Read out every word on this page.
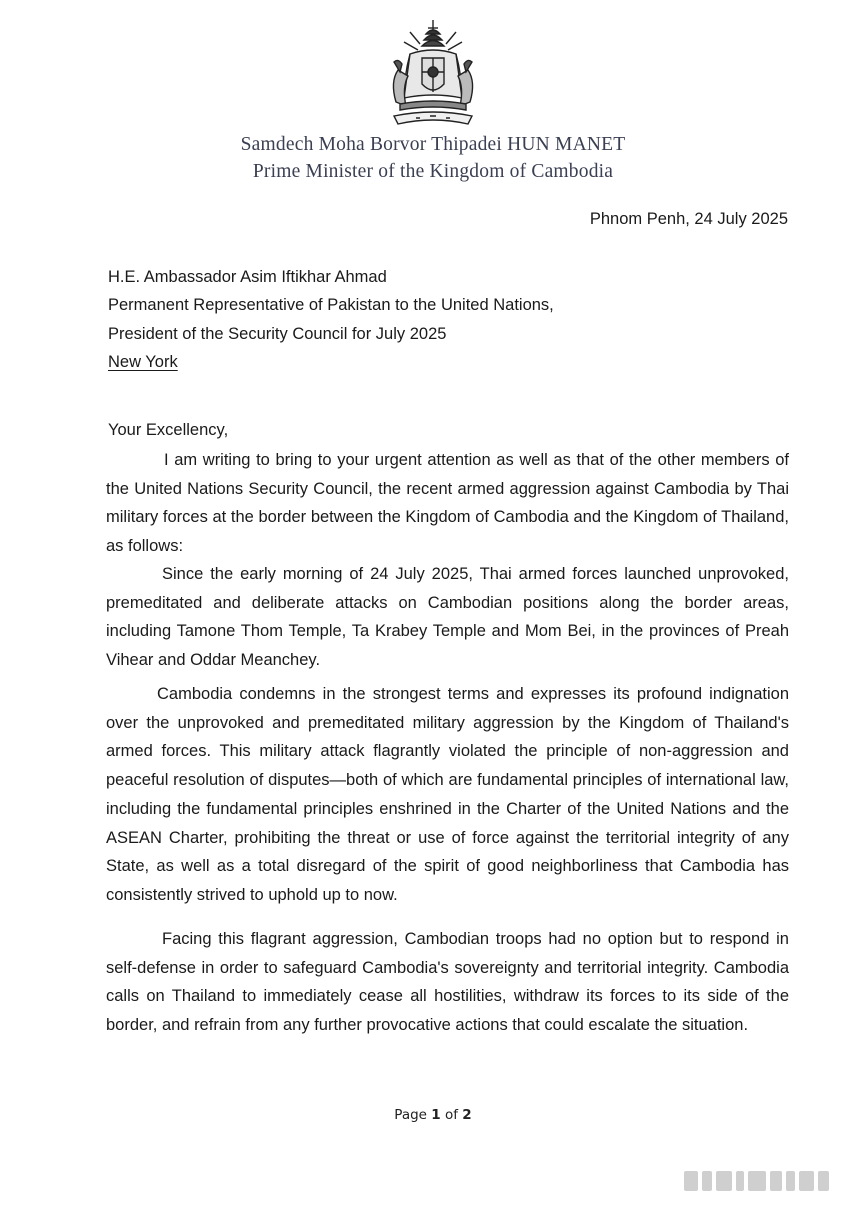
Samdech Moha Borvor Thipadei HUN MANET
Prime Minister of the Kingdom of Cambodia
Phnom Penh, 24 July 2025
H.E. Ambassador Asim Iftikhar Ahmad
Permanent Representative of Pakistan to the United Nations,
President of the Security Council for July 2025
New York
Your Excellency,

I am writing to bring to your urgent attention as well as that of the other members of the United Nations Security Council, the recent armed aggression against Cambodia by Thai military forces at the border between the Kingdom of Cambodia and the Kingdom of Thailand, as follows:

Since the early morning of 24 July 2025, Thai armed forces launched unprovoked, premeditated and deliberate attacks on Cambodian positions along the border areas, including Tamone Thom Temple, Ta Krabey Temple and Mom Bei, in the provinces of Preah Vihear and Oddar Meanchey.

Cambodia condemns in the strongest terms and expresses its profound indignation over the unprovoked and premeditated military aggression by the Kingdom of Thailand's armed forces. This military attack flagrantly violated the principle of non-aggression and peaceful resolution of disputes—both of which are fundamental principles of international law, including the fundamental principles enshrined in the Charter of the United Nations and the ASEAN Charter, prohibiting the threat or use of force against the territorial integrity of any State, as well as a total disregard of the spirit of good neighborliness that Cambodia has consistently strived to uphold up to now.

Facing this flagrant aggression, Cambodian troops had no option but to respond in self-defense in order to safeguard Cambodia's sovereignty and territorial integrity. Cambodia calls on Thailand to immediately cease all hostilities, withdraw its forces to its side of the border, and refrain from any further provocative actions that could escalate the situation.

Page 1 of 2
